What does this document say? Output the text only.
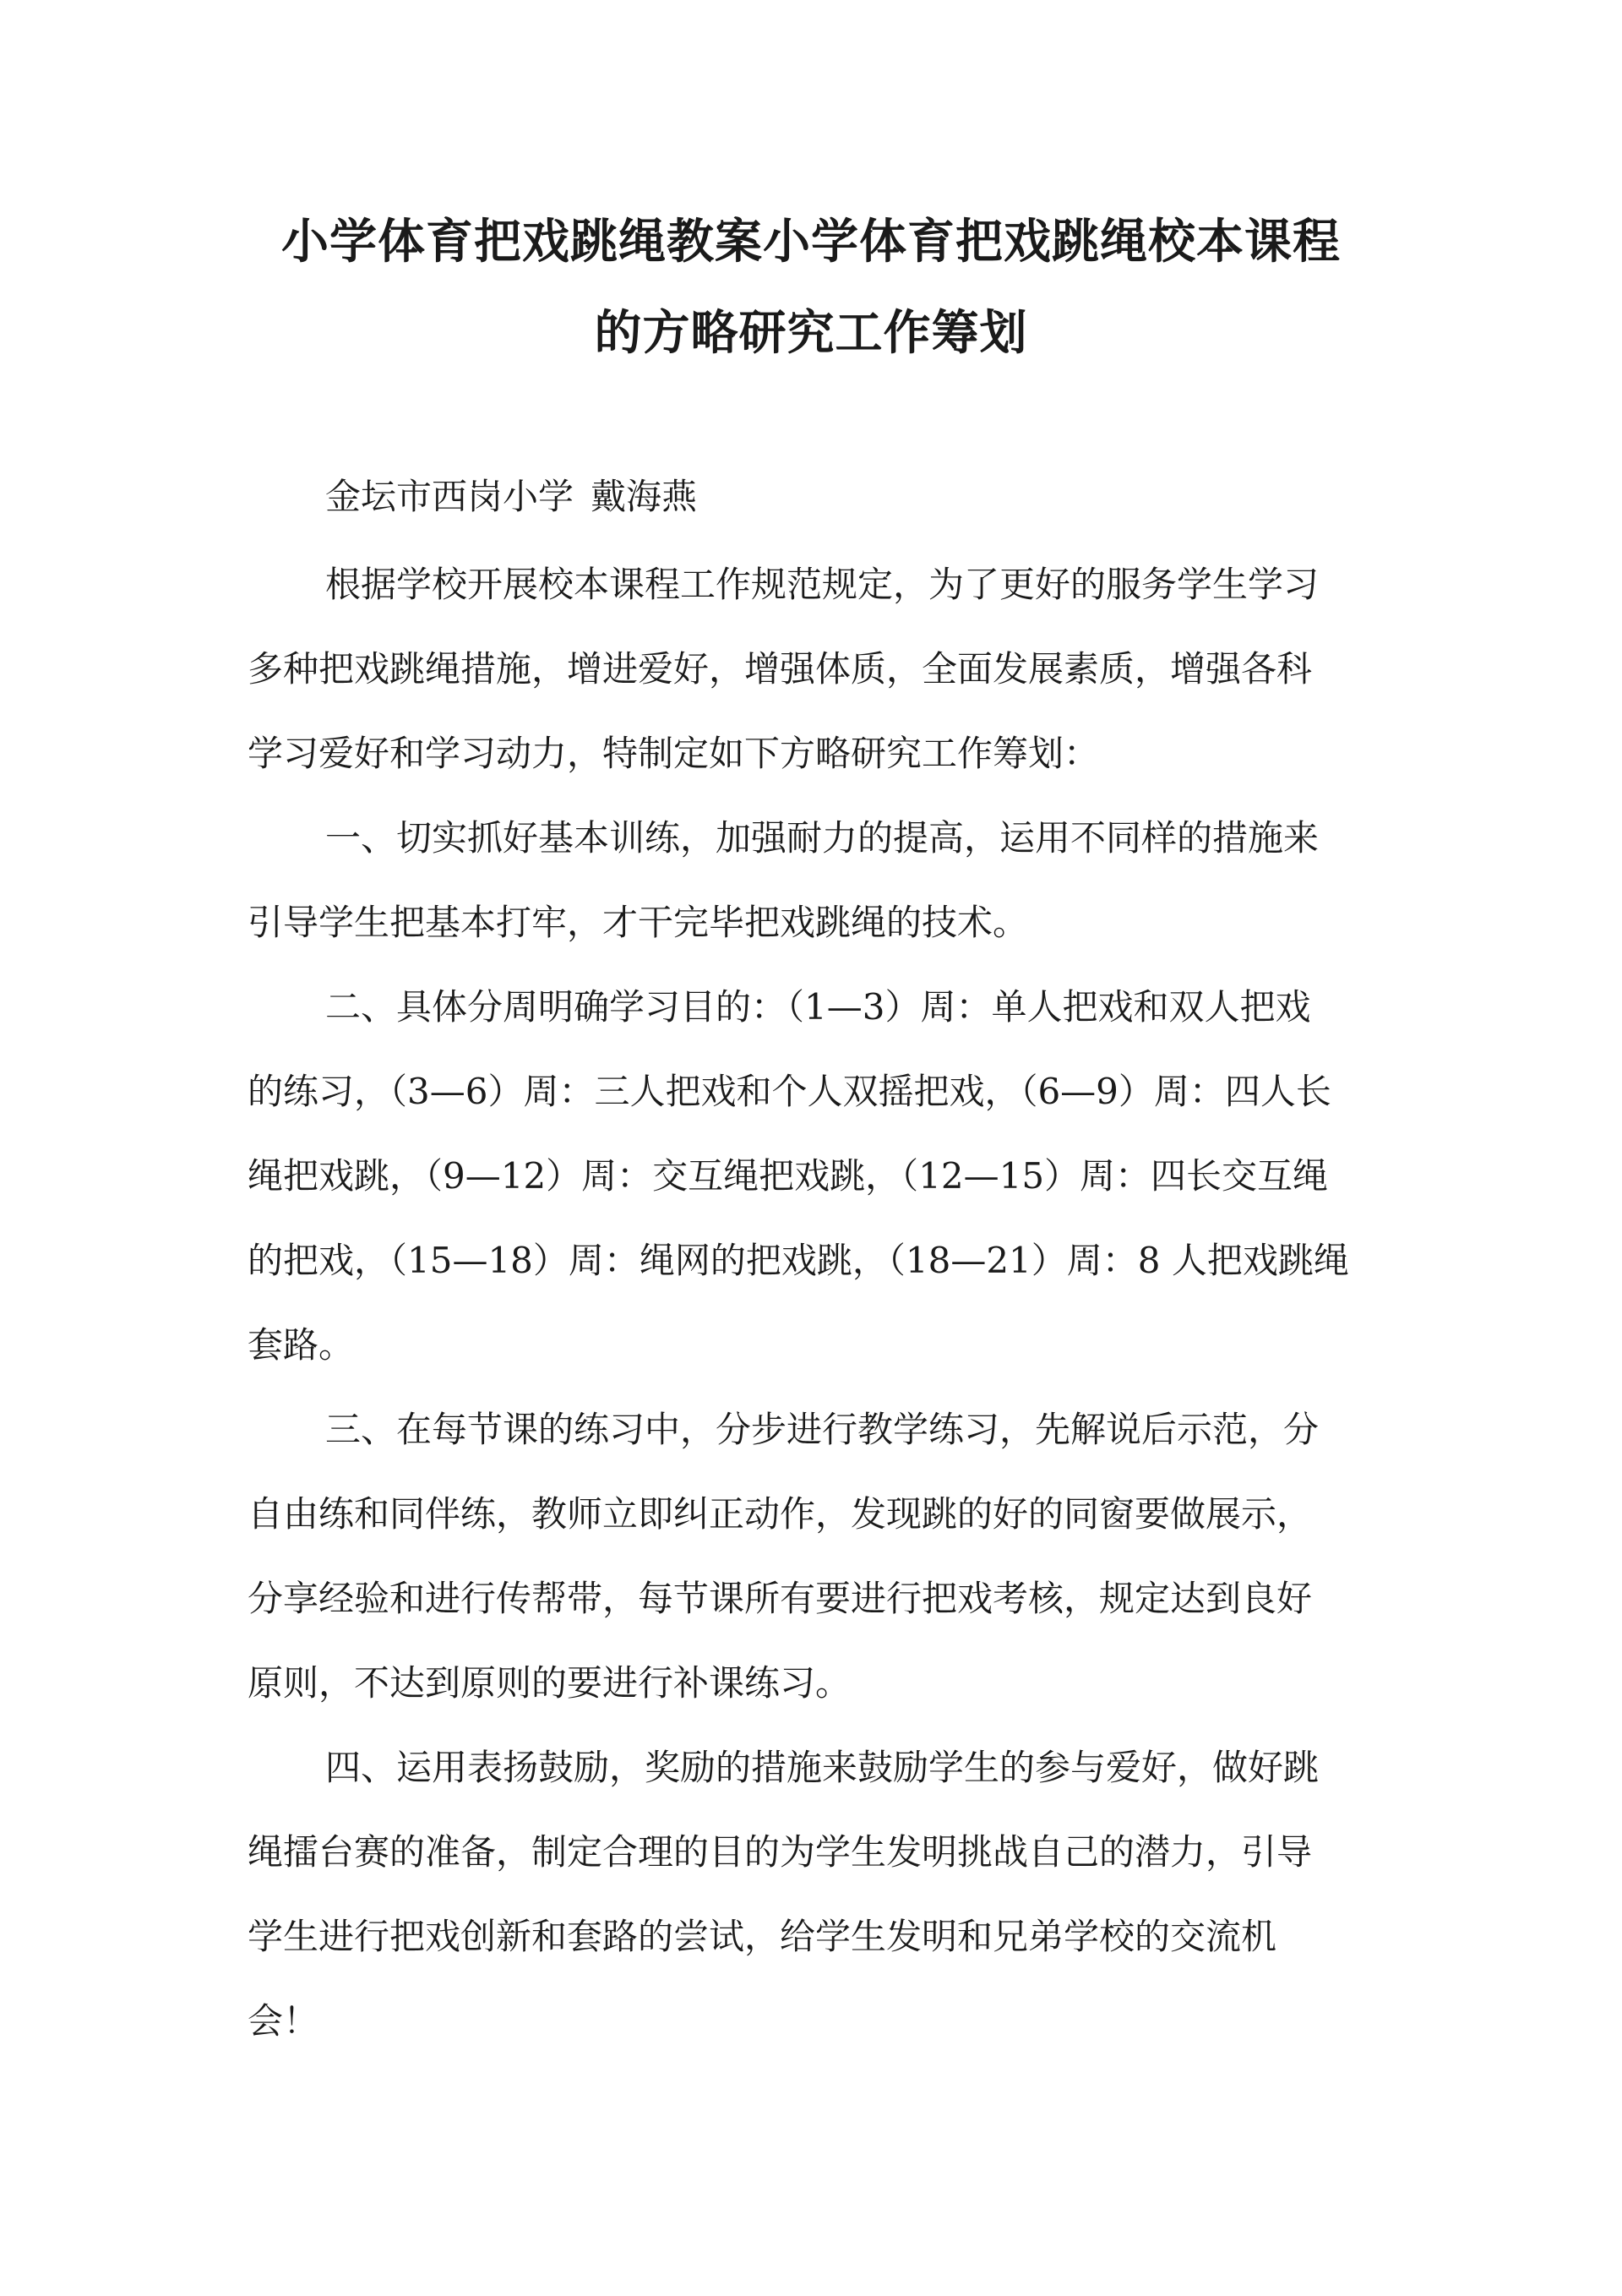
小学体育把戏跳绳教案小学体育把戏跳绳校本课程
的方略研究工作筹划
金坛市西岗小学 戴海燕
根据学校开展校本课程工作规范规定，为了更好的服务学生学习
多种把戏跳绳措施，增进爱好，增强体质，全面发展素质，增强各科
学习爱好和学习动力，特制定如下方略研究工作筹划：
一、切实抓好基本训练，加强耐力的提高，运用不同样的措施来
引导学生把基本打牢，才干完毕把戏跳绳的技术。
二、具体分周明确学习目的：（1—3）周：单人把戏和双人把戏
的练习，（3—6）周：三人把戏和个人双摇把戏，（6—9）周：四人长
绳把戏跳，（9—12）周：交互绳把戏跳，（12—15）周：四长交互绳
的把戏，（15—18）周：绳网的把戏跳，（18—21）周：8 人把戏跳绳
套路。
三、在每节课的练习中，分步进行教学练习，先解说后示范，分
自由练和同伴练，教师立即纠正动作，发现跳的好的同窗要做展示，
分享经验和进行传帮带，每节课所有要进行把戏考核，规定达到良好
原则，不达到原则的要进行补课练习。
四、运用表扬鼓励，奖励的措施来鼓励学生的参与爱好，做好跳
绳擂台赛的准备，制定合理的目的为学生发明挑战自己的潜力，引导
学生进行把戏创新和套路的尝试，给学生发明和兄弟学校的交流机
会！
